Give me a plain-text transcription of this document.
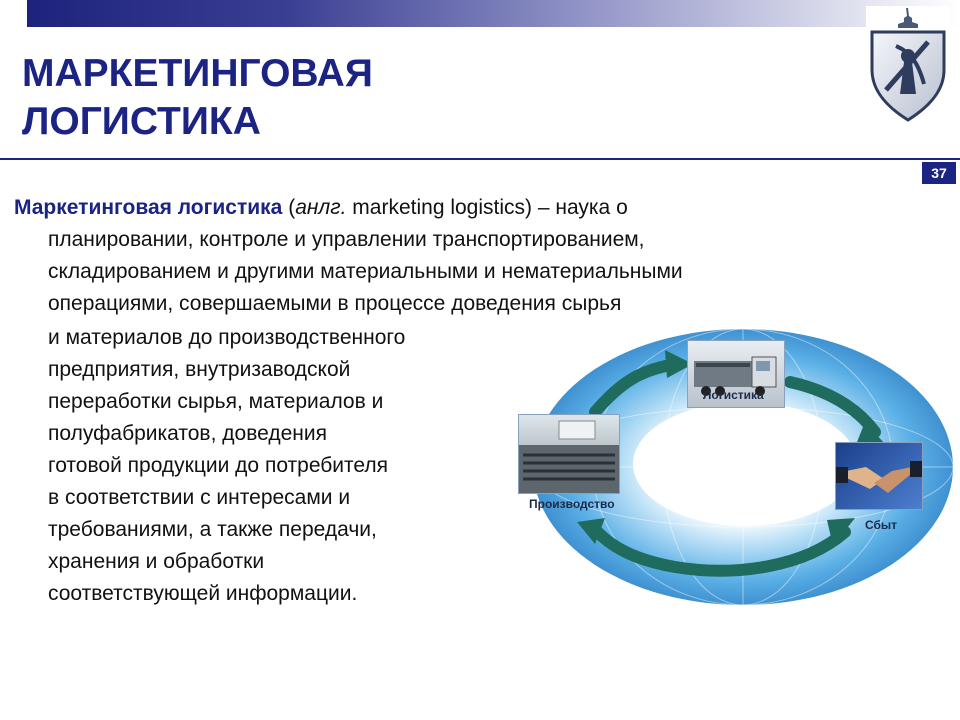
МАРКЕТИНГОВАЯ
ЛОГИСТИКА
37

Маркетинговая логистика (анлг. marketing logistics) – наука о
планировании, контроле и управлении транспортированием,
складированием и другими материальными и нематериальными
операциями, совершаемыми в процессе доведения сырья

и материалов до производственного
предприятия, внутризаводской
переработки сырья, материалов и
полуфабрикатов, доведения
готовой продукции до потребителя
в соответствии с интересами и
требованиями, а также передачи,
хранения и обработки
соответствующей информации.
Логистика
Производство
Сбыт
